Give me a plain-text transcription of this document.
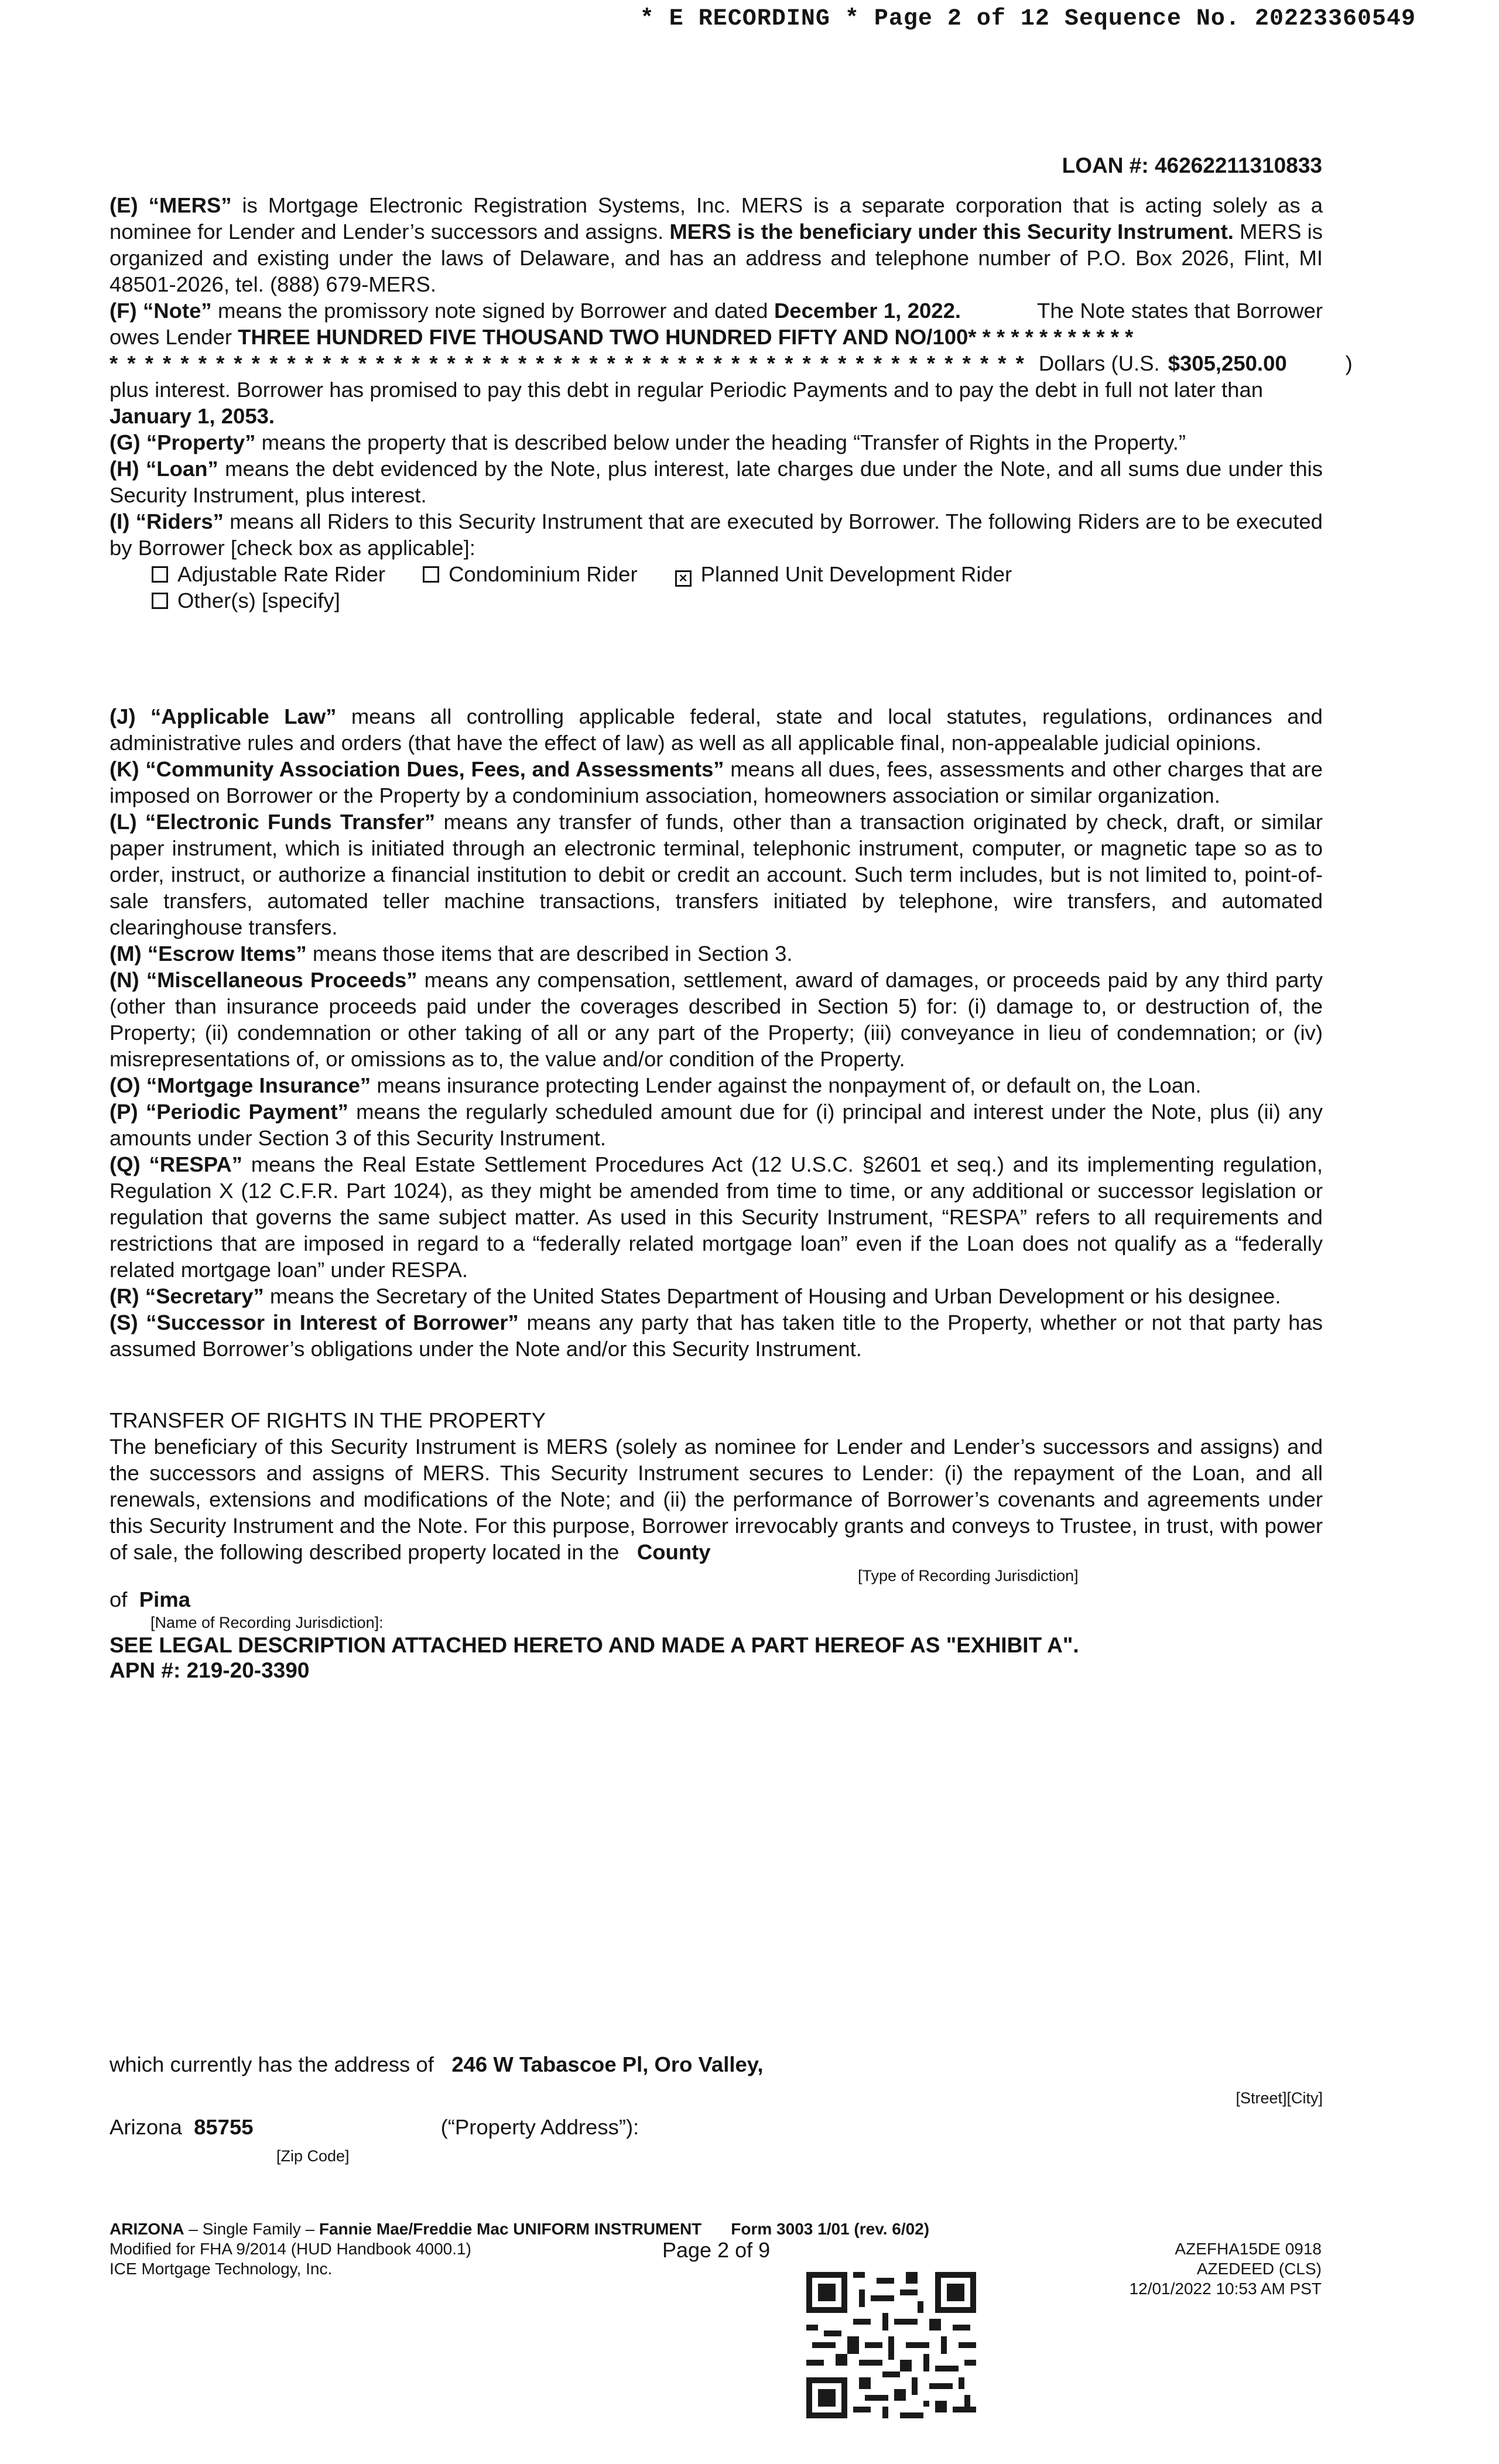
* E RECORDING * Page 2 of 12 Sequence No. 20223360549
LOAN #: 46262211310833

(E) “MERS” is Mortgage Electronic Registration Systems, Inc. MERS is a separate corporation that is acting solely as a nominee for Lender and Lender’s successors and assigns. MERS is the beneficiary under this Security Instrument. MERS is organized and existing under the laws of Delaware, and has an address and telephone number of P.O. Box 2026, Flint, MI 48501-2026, tel. (888) 679-MERS.

(F) “Note” means the promissory note signed by Borrower and dated December 1, 2022.	The Note states that Borrower owes Lender THREE HUNDRED FIVE THOUSAND TWO HUNDRED FIFTY AND NO/100* * * * * * * * * * * *

* * * * * * * * * * * * * * * * * * * * * * * * * * * * * * * * * * * * * * * * * * * * * * * * * * * * Dollars (U.S. $305,250.00	)

plus interest. Borrower has promised to pay this debt in regular Periodic Payments and to pay the debt in full not later than

January 1, 2053.

(G) “Property” means the property that is described below under the heading “Transfer of Rights in the Property.”

(H) “Loan” means the debt evidenced by the Note, plus interest, late charges due under the Note, and all sums due under this Security Instrument, plus interest.

(I) “Riders” means all Riders to this Security Instrument that are executed by Borrower. The following Riders are to be executed by Borrower [check box as applicable]:

Adjustable Rate Rider	Condominium Rider	× Planned Unit Development Rider
Other(s) [specify]

(J) “Applicable Law” means all controlling applicable federal, state and local statutes, regulations, ordinances and administrative rules and orders (that have the effect of law) as well as all applicable final, non-appealable judicial opinions.

(K) “Community Association Dues, Fees, and Assessments” means all dues, fees, assessments and other charges that are imposed on Borrower or the Property by a condominium association, homeowners association or similar organization.

(L) “Electronic Funds Transfer” means any transfer of funds, other than a transaction originated by check, draft, or similar paper instrument, which is initiated through an electronic terminal, telephonic instrument, computer, or magnetic tape so as to order, instruct, or authorize a financial institution to debit or credit an account. Such term includes, but is not limited to, point-of-sale transfers, automated teller machine transactions, transfers initiated by telephone, wire transfers, and automated clearinghouse transfers.

(M) “Escrow Items” means those items that are described in Section 3.

(N) “Miscellaneous Proceeds” means any compensation, settlement, award of damages, or proceeds paid by any third party (other than insurance proceeds paid under the coverages described in Section 5) for: (i) damage to, or destruction of, the Property; (ii) condemnation or other taking of all or any part of the Property; (iii) conveyance in lieu of condemnation; or (iv) misrepresentations of, or omissions as to, the value and/or condition of the Property.

(O) “Mortgage Insurance” means insurance protecting Lender against the nonpayment of, or default on, the Loan.

(P) “Periodic Payment” means the regularly scheduled amount due for (i) principal and interest under the Note, plus (ii) any amounts under Section 3 of this Security Instrument.

(Q) “RESPA” means the Real Estate Settlement Procedures Act (12 U.S.C. §2601 et seq.) and its implementing regulation, Regulation X (12 C.F.R. Part 1024), as they might be amended from time to time, or any additional or successor legislation or regulation that governs the same subject matter. As used in this Security Instrument, “RESPA” refers to all requirements and restrictions that are imposed in regard to a “federally related mortgage loan” even if the Loan does not qualify as a “federally related mortgage loan” under RESPA.

(R) “Secretary” means the Secretary of the United States Department of Housing and Urban Development or his designee.

(S) “Successor in Interest of Borrower” means any party that has taken title to the Property, whether or not that party has assumed Borrower’s obligations under the Note and/or this Security Instrument.

TRANSFER OF RIGHTS IN THE PROPERTY

The beneficiary of this Security Instrument is MERS (solely as nominee for Lender and Lender’s successors and assigns) and the successors and assigns of MERS. This Security Instrument secures to Lender: (i) the repayment of the Loan, and all renewals, extensions and modifications of the Note; and (ii) the performance of Borrower’s covenants and agreements under this Security Instrument and the Note. For this purpose, Borrower irrevocably grants and conveys to Trustee, in trust, with power of sale, the following described property located in the County

[Type of Recording Jurisdiction]
of Pima
[Name of Recording Jurisdiction]:
SEE LEGAL DESCRIPTION ATTACHED HERETO AND MADE A PART HEREOF AS "EXHIBIT A".
APN #: 219-20-3390
which currently has the address of 246 W Tabascoe Pl, Oro Valley,
[Street][City]
Arizona 85755	(“Property Address”):
[Zip Code]
ARIZONA – Single Family – Fannie Mae/Freddie Mac UNIFORM INSTRUMENT Form 3003 1/01 (rev. 6/02)
Modified for FHA 9/2014 (HUD Handbook 4000.1)
ICE Mortgage Technology, Inc.
Page 2 of 9	AZEFHA15DE 0918
AZEDEED (CLS)
12/01/2022 10:53 AM PST
